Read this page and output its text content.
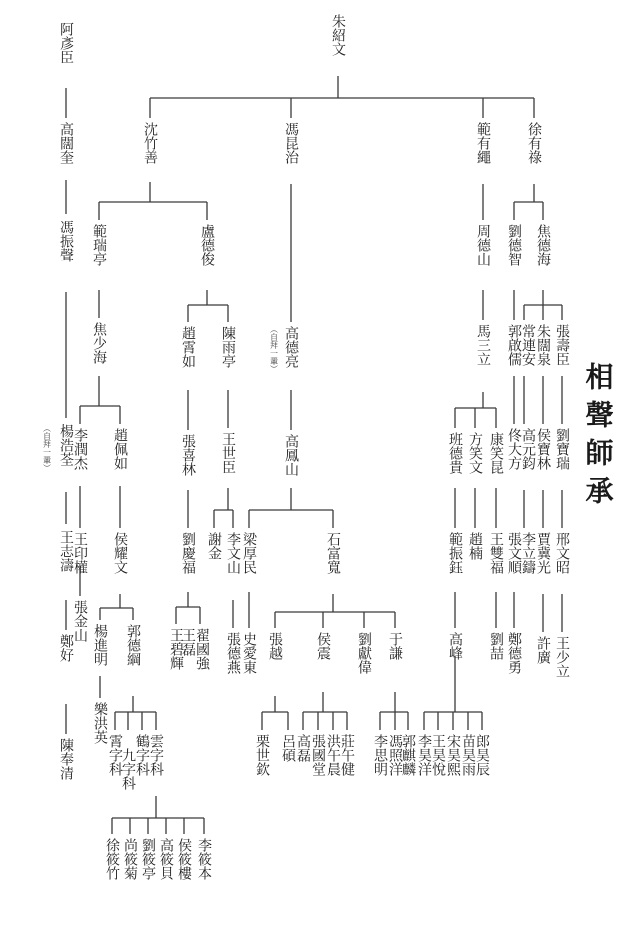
相聲師承
（自拜一輩）
（自拜一輩）
阿彥臣
高闊奎
馮振聲
楊浩荃
王志濤
鄭好
陳奉清
朱紹文
沈竹善	馮昆治	範有繩	徐有祿
範瑞亭	盧德俊
焦少海
李潤杰 趙佩如
王印權
張金山
侯耀文
楊進明
樂洪英
郭德綱
霄字科
九字科
鶴字科
雲字科
徐筱竹 尚筱菊 劉筱亭 高筱貝 侯筱樓 李筱本
趙霄如 陳雨亭
張喜林
劉慶福
王碧輝
王磊
翟國強
王世臣
謝金 李文山
張德燕
高德亮
高鳳山
梁厚民
史愛東
石富寬
張越 侯震 劉獻偉 于謙
栗世欽 呂碩 高磊 張國堂 洪午晨
莊午健 李思明 馮照洋
郭麒麟
周德山
馬三立
班德貴 方笑文 康笑昆
範振鈺 趙楠 王雙福
高峰 劉喆
李昊洋
王昊悅 宋昊熙 苗昊雨
郎昊辰
劉德智 焦德海
郭啟儒
常連安 朱闊泉 張壽臣
佟大方
高元鈞 侯寶林 劉寶瑞
張文順
李立鑄 賈冀光 邢文昭
鄭德勇 許廣 王少立
